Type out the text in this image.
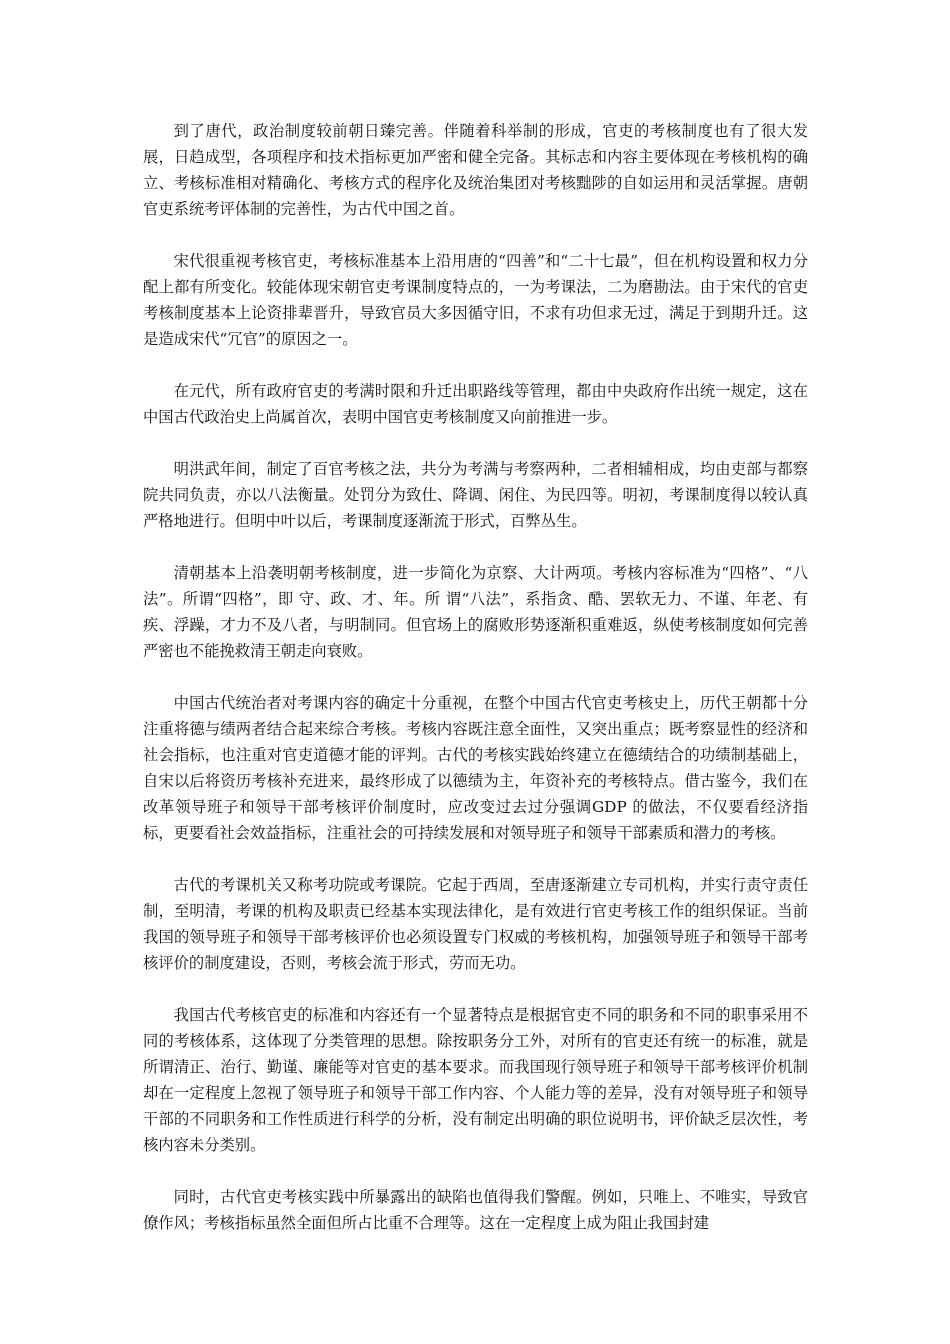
到了唐代，政治制度较前朝日臻完善。伴随着科举制的形成，官吏的考核制度也有了很大发展，日趋成型，各项程序和技术指标更加严密和健全完备。其标志和内容主要体现在考核机构的确立、考核标准相对精确化、考核方式的程序化及统治集团对考核黜陟的自如运用和灵活掌握。唐朝官吏系统考评体制的完善性，为古代中国之首。

宋代很重视考核官吏，考核标准基本上沿用唐的“四善”和“二十七最”，但在机构设置和权力分配上都有所变化。较能体现宋朝官吏考课制度特点的，一为考课法，二为磨勘法。由于宋代的官吏考核制度基本上论资排辈晋升，导致官员大多因循守旧，不求有功但求无过，满足于到期升迁。这是造成宋代“冗官”的原因之一。

在元代，所有政府官吏的考满时限和升迁出职路线等管理，都由中央政府作出统一规定，这在中国古代政治史上尚属首次，表明中国官吏考核制度又向前推进一步。

明洪武年间，制定了百官考核之法，共分为考满与考察两种，二者相辅相成，均由吏部与都察院共同负责，亦以八法衡量。处罚分为致仕、降调、闲住、为民四等。明初，考课制度得以较认真严格地进行。但明中叶以后，考课制度逐渐流于形式，百弊丛生。

清朝基本上沿袭明朝考核制度，进一步简化为京察、大计两项。考核内容标准为“四格”、“八法”。所谓“四格”，即 守、政、才、年。所 谓“八法”，系指贪、酷、罢软无力、不谨、年老、有疾、浮躁，才力不及八者，与明制同。但官场上的腐败形势逐渐积重难返，纵使考核制度如何完善严密也不能挽救清王朝走向衰败。

中国古代统治者对考课内容的确定十分重视，在整个中国古代官吏考核史上，历代王朝都十分注重将德与绩两者结合起来综合考核。考核内容既注意全面性，又突出重点；既考察显性的经济和社会指标，也注重对官吏道德才能的评判。古代的考核实践始终建立在德绩结合的功绩制基础上，自宋以后将资历考核补充进来，最终形成了以德绩为主，年资补充的考核特点。借古鉴今，我们在改革领导班子和领导干部考核评价制度时，应改变过去过分强调GDP 的做法，不仅要看经济指标，更要看社会效益指标，注重社会的可持续发展和对领导班子和领导干部素质和潜力的考核。

古代的考课机关又称考功院或考课院。它起于西周，至唐逐渐建立专司机构，并实行责守责任制，至明清，考课的机构及职责已经基本实现法律化，是有效进行官吏考核工作的组织保证。当前我国的领导班子和领导干部考核评价也必须设置专门权威的考核机构，加强领导班子和领导干部考核评价的制度建设，否则，考核会流于形式，劳而无功。

我国古代考核官吏的标准和内容还有一个显著特点是根据官吏不同的职务和不同的职事采用不同的考核体系，这体现了分类管理的思想。除按职务分工外，对所有的官吏还有统一的标准，就是所谓清正、治行、勤谨、廉能等对官吏的基本要求。而我国现行领导班子和领导干部考核评价机制却在一定程度上忽视了领导班子和领导干部工作内容、个人能力等的差异，没有对领导班子和领导干部的不同职务和工作性质进行科学的分析，没有制定出明确的职位说明书，评价缺乏层次性，考核内容未分类别。

同时，古代官吏考核实践中所暴露出的缺陷也值得我们警醒。例如，只唯上、不唯实，导致官僚作风；考核指标虽然全面但所占比重不合理等。这在一定程度上成为阻止我国封建
